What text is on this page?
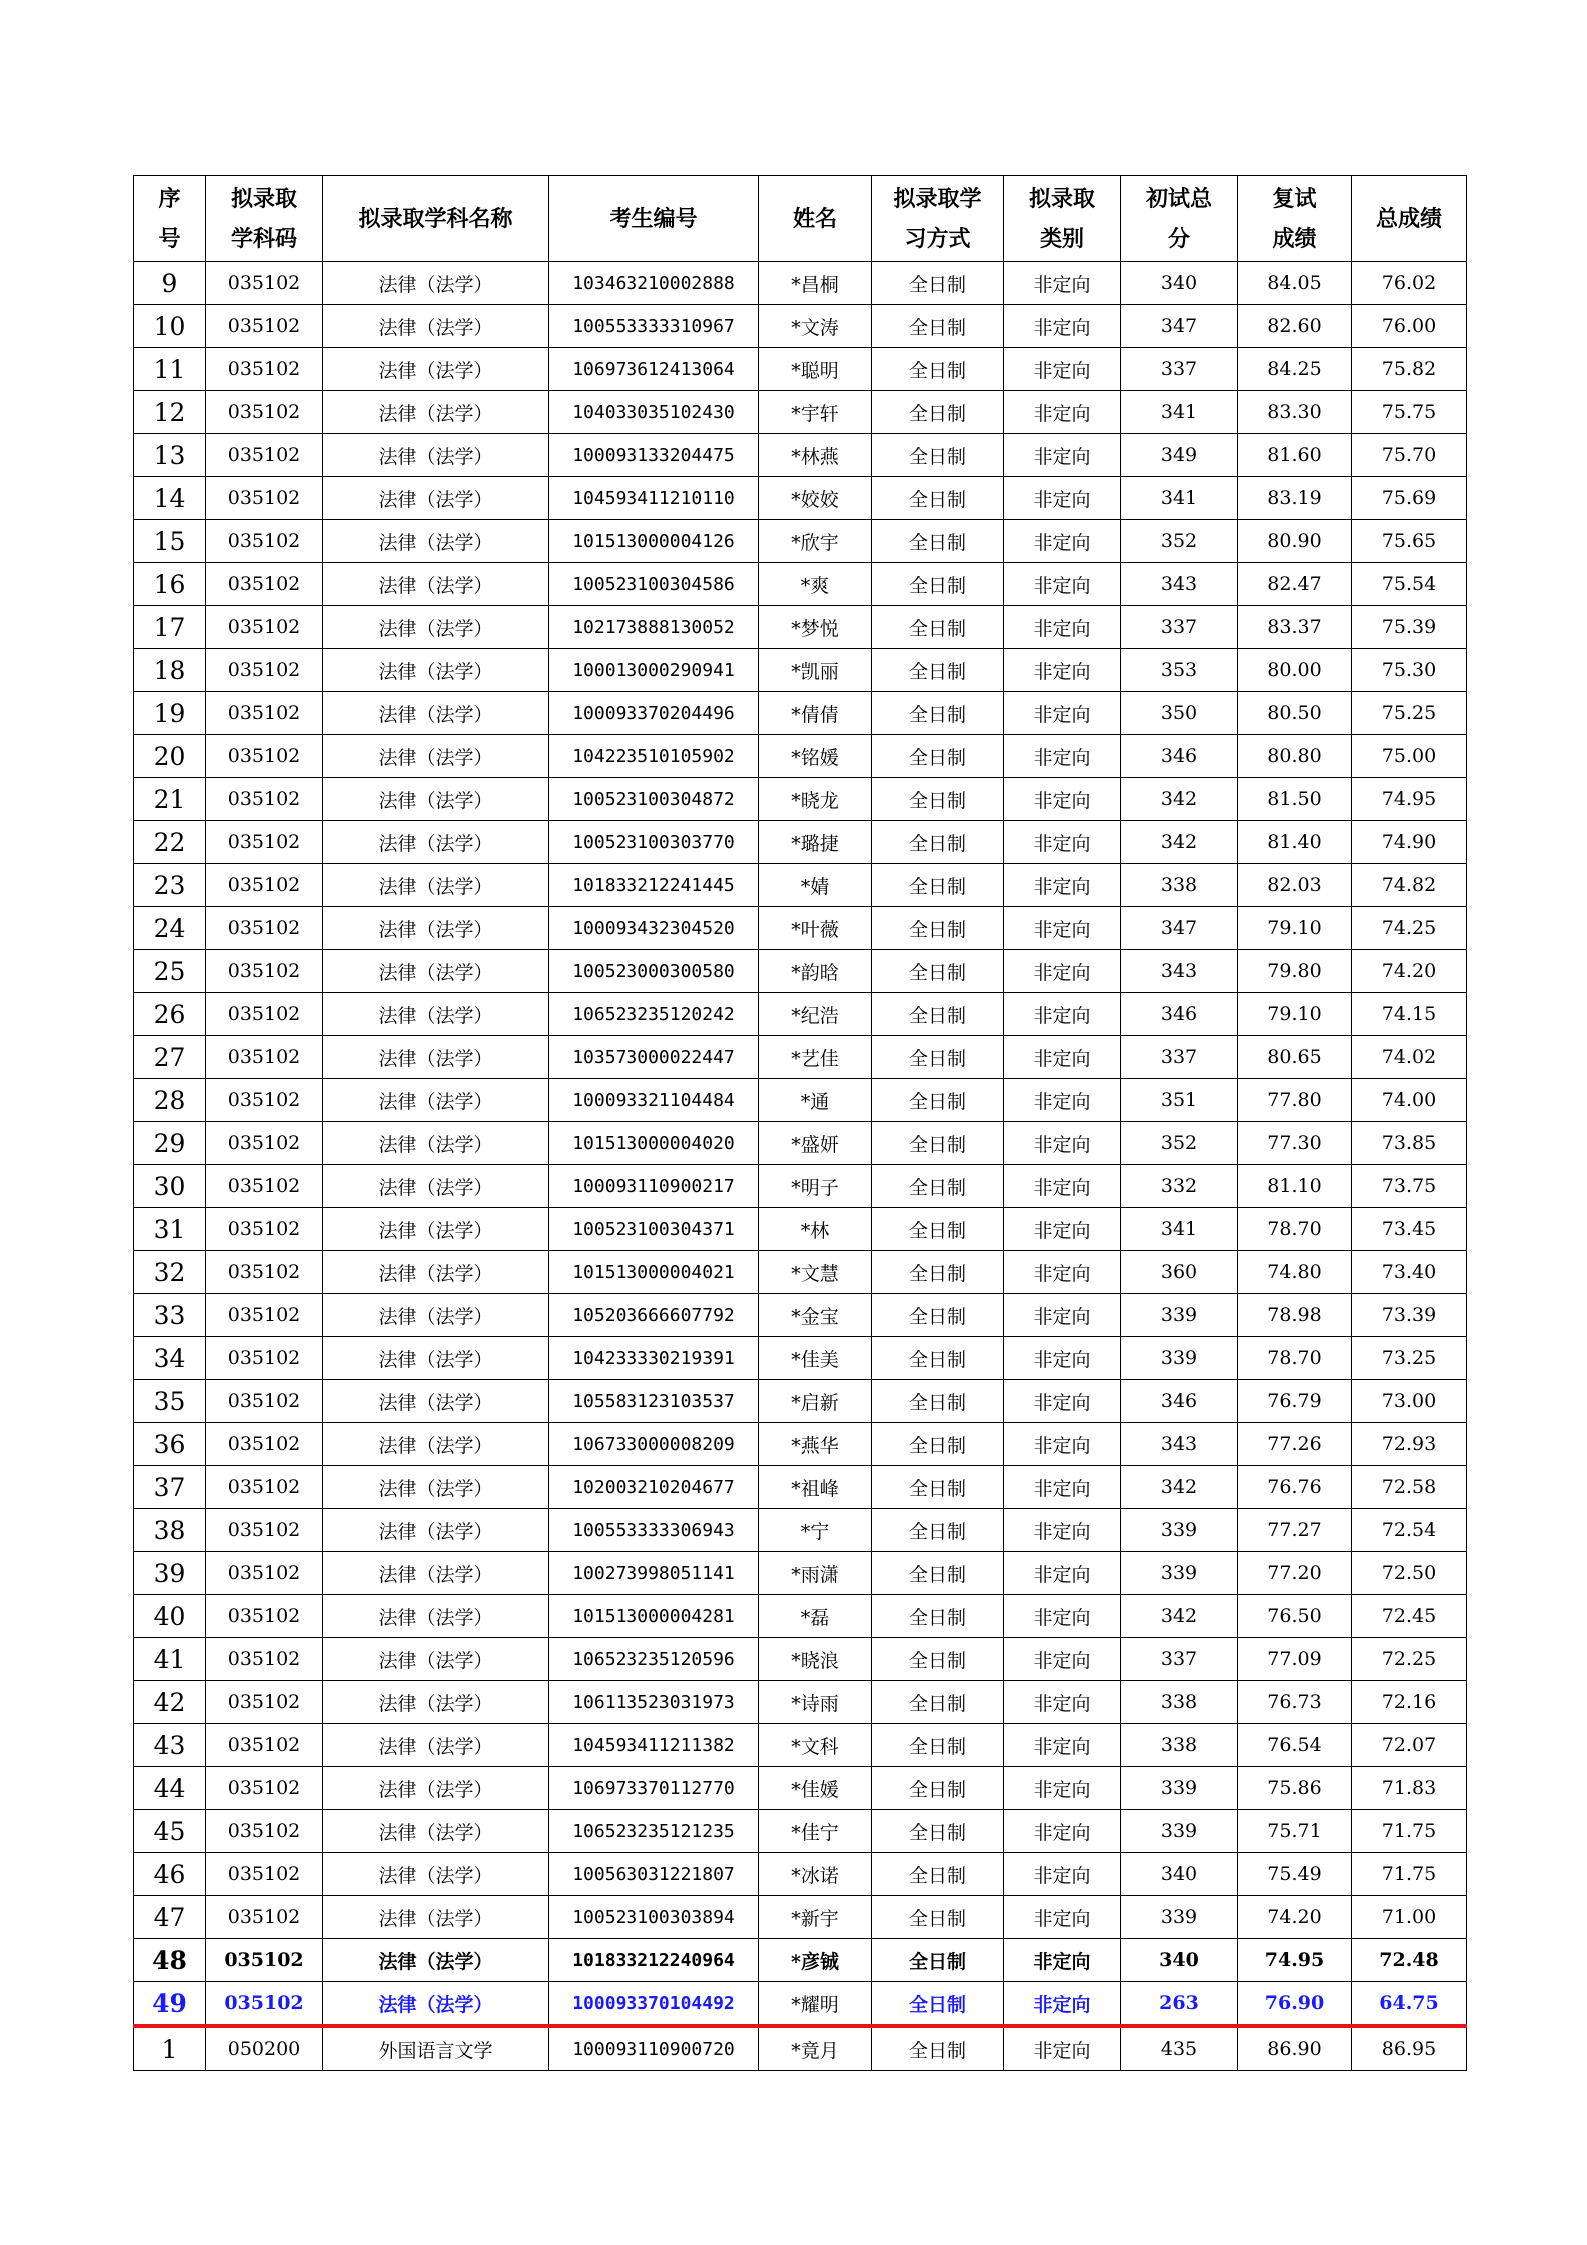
序号	拟录取学科码	拟录取学科名称	考生编号	姓名	拟录取学习方式	拟录取类别	初试总分	复试成绩	总成绩
9	035102	法律（法学）	103463210002888	*昌桐	全日制	非定向	340	84.05	76.02
10	035102	法律（法学）	100553333310967	*文涛	全日制	非定向	347	82.60	76.00
11	035102	法律（法学）	106973612413064	*聪明	全日制	非定向	337	84.25	75.82
12	035102	法律（法学）	104033035102430	*宇轩	全日制	非定向	341	83.30	75.75
13	035102	法律（法学）	100093133204475	*林燕	全日制	非定向	349	81.60	75.70
14	035102	法律（法学）	104593411210110	*姣姣	全日制	非定向	341	83.19	75.69
15	035102	法律（法学）	101513000004126	*欣宇	全日制	非定向	352	80.90	75.65
16	035102	法律（法学）	100523100304586	*爽	全日制	非定向	343	82.47	75.54
17	035102	法律（法学）	102173888130052	*梦悦	全日制	非定向	337	83.37	75.39
18	035102	法律（法学）	100013000290941	*凯丽	全日制	非定向	353	80.00	75.30
19	035102	法律（法学）	100093370204496	*倩倩	全日制	非定向	350	80.50	75.25
20	035102	法律（法学）	104223510105902	*铭媛	全日制	非定向	346	80.80	75.00
21	035102	法律（法学）	100523100304872	*晓龙	全日制	非定向	342	81.50	74.95
22	035102	法律（法学）	100523100303770	*璐捷	全日制	非定向	342	81.40	74.90
23	035102	法律（法学）	101833212241445	*婧	全日制	非定向	338	82.03	74.82
24	035102	法律（法学）	100093432304520	*叶薇	全日制	非定向	347	79.10	74.25
25	035102	法律（法学）	100523000300580	*韵晗	全日制	非定向	343	79.80	74.20
26	035102	法律（法学）	106523235120242	*纪浩	全日制	非定向	346	79.10	74.15
27	035102	法律（法学）	103573000022447	*艺佳	全日制	非定向	337	80.65	74.02
28	035102	法律（法学）	100093321104484	*通	全日制	非定向	351	77.80	74.00
29	035102	法律（法学）	101513000004020	*盛妍	全日制	非定向	352	77.30	73.85
30	035102	法律（法学）	100093110900217	*明子	全日制	非定向	332	81.10	73.75
31	035102	法律（法学）	100523100304371	*林	全日制	非定向	341	78.70	73.45
32	035102	法律（法学）	101513000004021	*文慧	全日制	非定向	360	74.80	73.40
33	035102	法律（法学）	105203666607792	*金宝	全日制	非定向	339	78.98	73.39
34	035102	法律（法学）	104233330219391	*佳美	全日制	非定向	339	78.70	73.25
35	035102	法律（法学）	105583123103537	*启新	全日制	非定向	346	76.79	73.00
36	035102	法律（法学）	106733000008209	*燕华	全日制	非定向	343	77.26	72.93
37	035102	法律（法学）	102003210204677	*祖峰	全日制	非定向	342	76.76	72.58
38	035102	法律（法学）	100553333306943	*宁	全日制	非定向	339	77.27	72.54
39	035102	法律（法学）	100273998051141	*雨潇	全日制	非定向	339	77.20	72.50
40	035102	法律（法学）	101513000004281	*磊	全日制	非定向	342	76.50	72.45
41	035102	法律（法学）	106523235120596	*晓浪	全日制	非定向	337	77.09	72.25
42	035102	法律（法学）	106113523031973	*诗雨	全日制	非定向	338	76.73	72.16
43	035102	法律（法学）	104593411211382	*文科	全日制	非定向	338	76.54	72.07
44	035102	法律（法学）	106973370112770	*佳媛	全日制	非定向	339	75.86	71.83
45	035102	法律（法学）	106523235121235	*佳宁	全日制	非定向	339	75.71	71.75
46	035102	法律（法学）	100563031221807	*冰诺	全日制	非定向	340	75.49	71.75
47	035102	法律（法学）	100523100303894	*新宇	全日制	非定向	339	74.20	71.00
48	035102	法律（法学）	101833212240964	*彦铖	全日制	非定向	340	74.95	72.48
49	035102	法律（法学）	100093370104492	*耀明	全日制	非定向	263	76.90	64.75
1	050200	外国语言文学	100093110900720	*竟月	全日制	非定向	435	86.90	86.95
